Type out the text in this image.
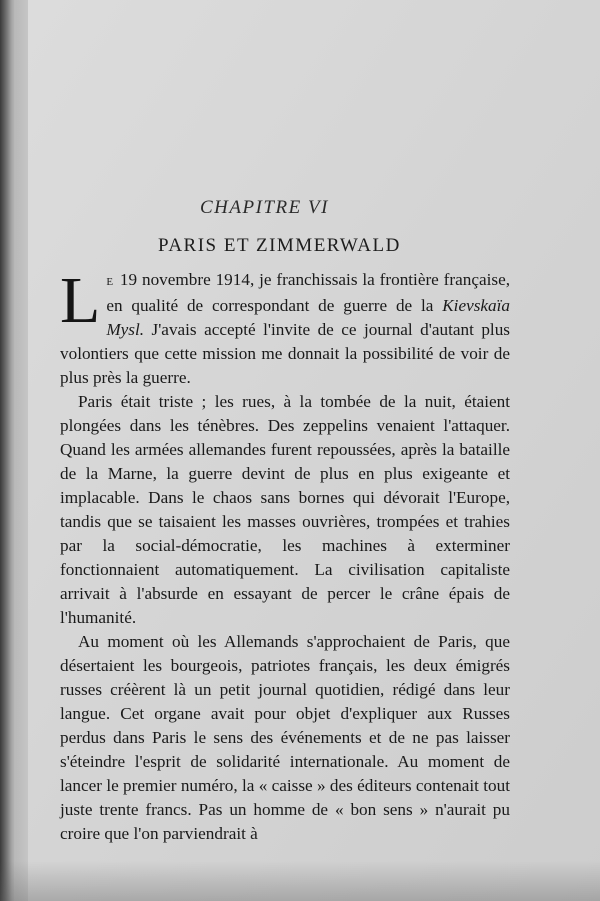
CHAPITRE VI
PARIS ET ZIMMERWALD

L E 19 novembre 1914, je franchissais la frontière française, en qualité de correspondant de guerre de la Kievskaïa Mysl. J'avais accepté l'invite de ce journal d'autant plus volontiers que cette mission me donnait la possibilité de voir de plus près la guerre.

Paris était triste ; les rues, à la tombée de la nuit, étaient plongées dans les ténèbres. Des zeppelins venaient l'attaquer. Quand les armées allemandes furent repoussées, après la bataille de la Marne, la guerre devint de plus en plus exigeante et implacable. Dans le chaos sans bornes qui dévorait l'Europe, tandis que se taisaient les masses ouvrières, trompées et trahies par la social-démocratie, les machines à exterminer fonctionnaient automatiquement. La civilisation capitaliste arrivait à l'absurde en essayant de percer le crâne épais de l'humanité.

Au moment où les Allemands s'approchaient de Paris, que désertaient les bourgeois, patriotes français, les deux émigrés russes créèrent là un petit journal quotidien, rédigé dans leur langue. Cet organe avait pour objet d'expliquer aux Russes perdus dans Paris le sens des événements et de ne pas laisser s'éteindre l'esprit de solidarité internationale. Au moment de lancer le premier numéro, la « caisse » des éditeurs contenait tout juste trente francs. Pas un homme de « bon sens » n'aurait pu croire que l'on parviendrait à
